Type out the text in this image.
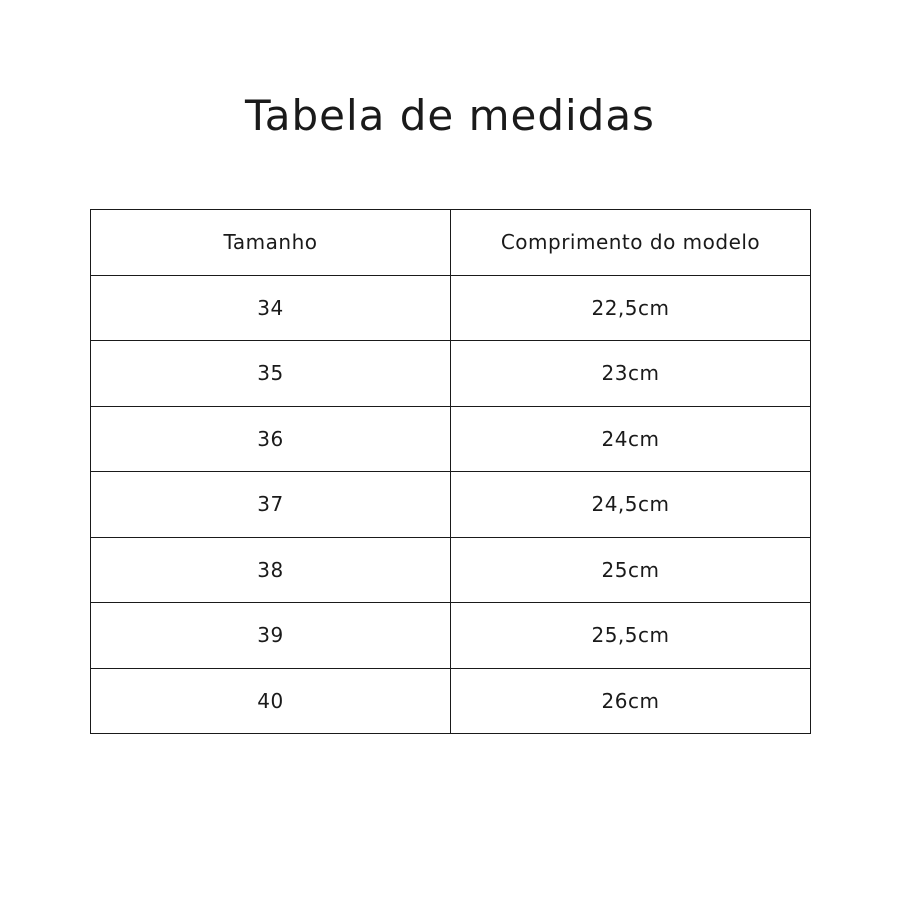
Tabela de medidas
Tamanho	Comprimento do modelo
34	22,5cm
35	23cm
36	24cm
37	24,5cm
38	25cm
39	25,5cm
40	26cm
